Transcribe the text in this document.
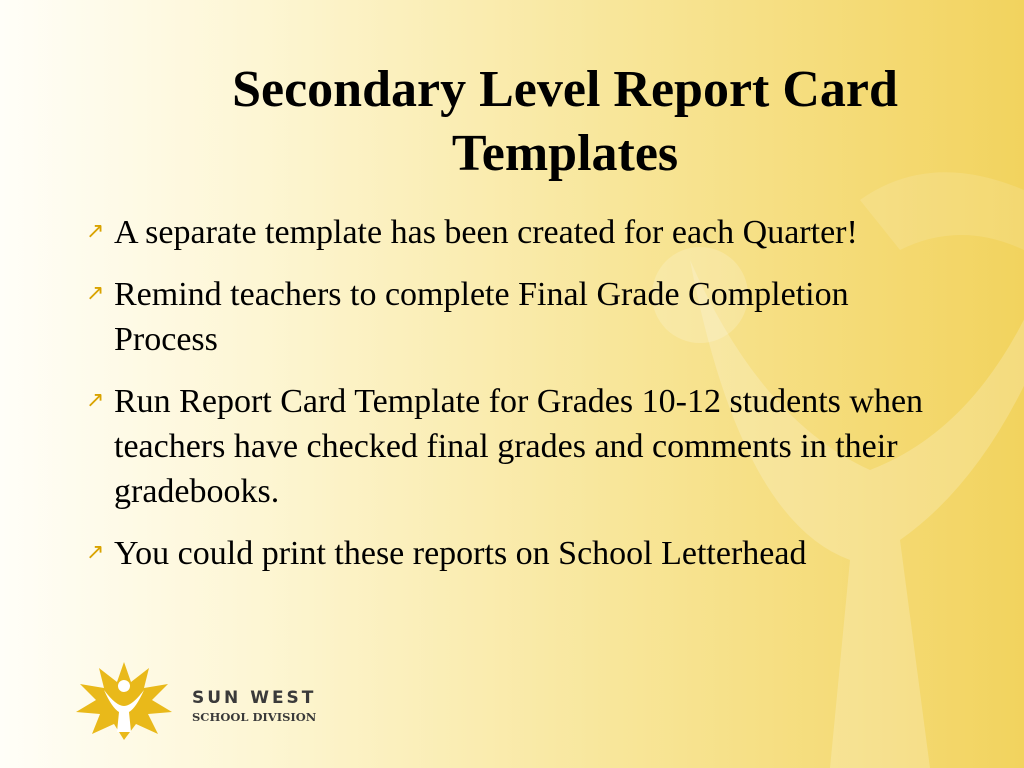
Secondary Level Report Card Templates
↗ A separate template has been created for each Quarter!
↗ Remind teachers to complete Final Grade Completion Process
↗ Run Report Card Template for Grades 10-12 students when teachers have checked final grades and comments in their gradebooks.
↗ You could print these reports on School Letterhead
SUN WEST
SCHOOL DIVISION
